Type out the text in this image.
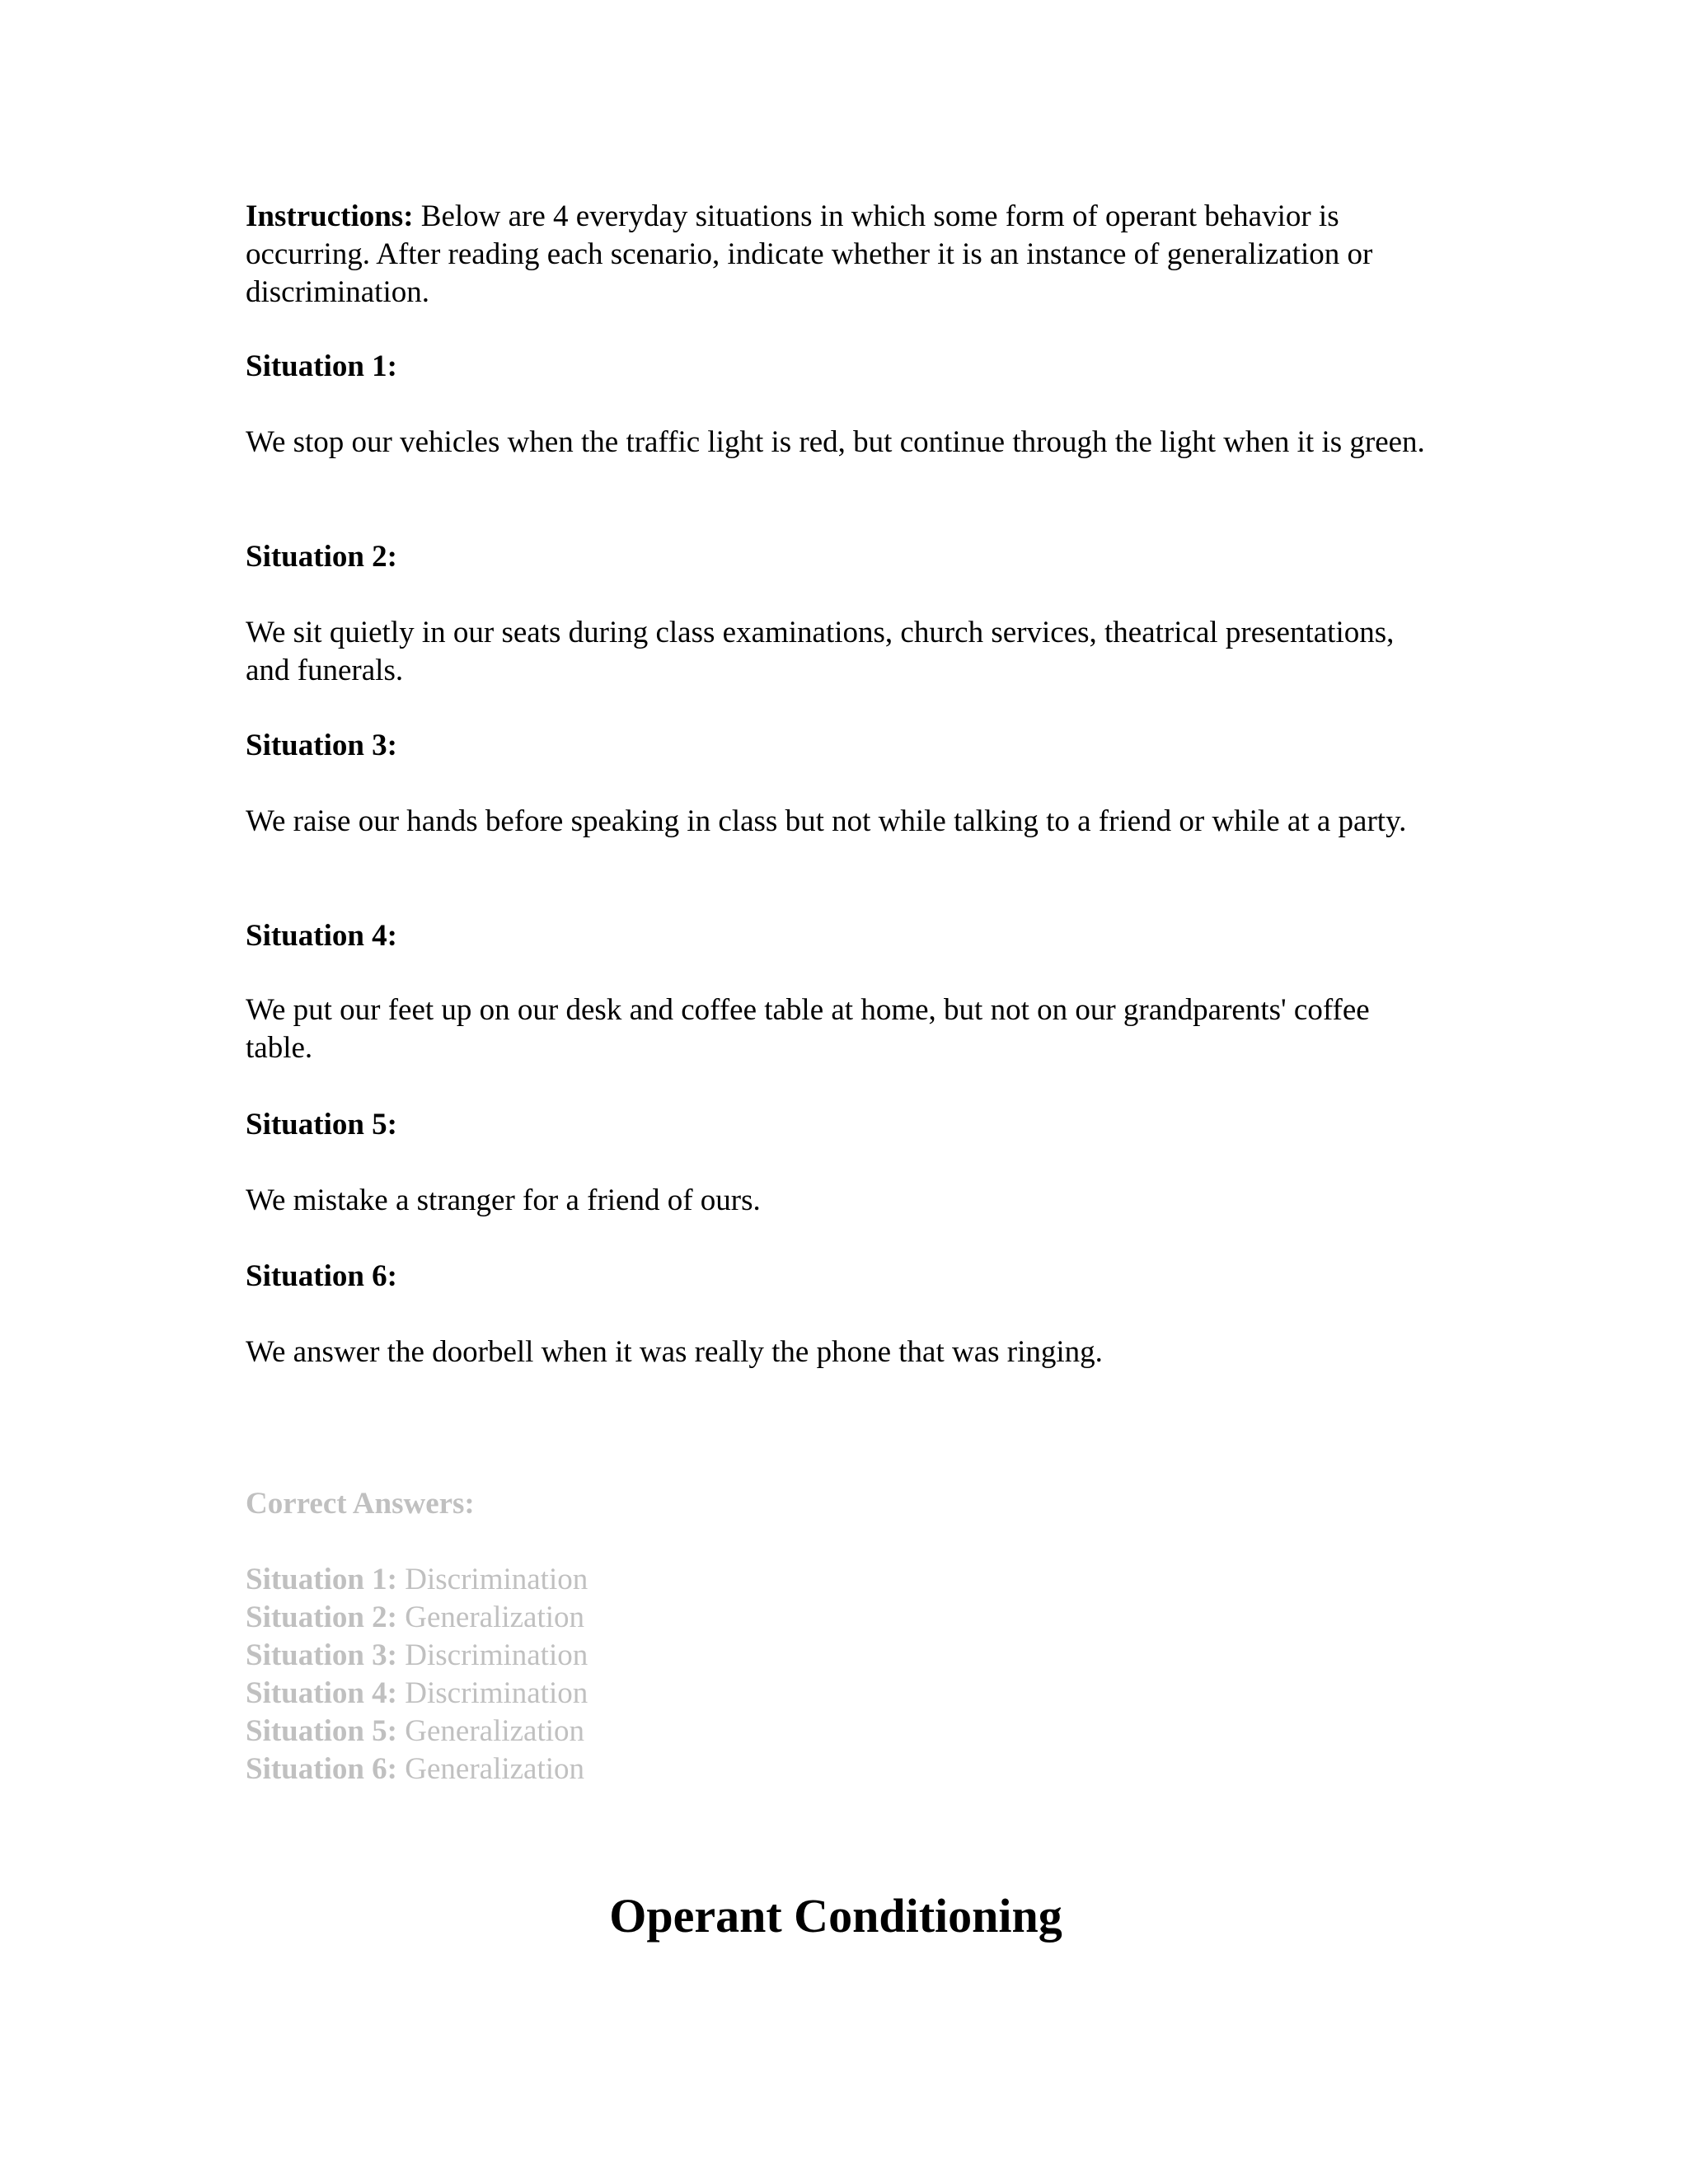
Instructions: Below are 4 everyday situations in which some form of operant behavior is occurring. After reading each scenario, indicate whether it is an instance of generalization or discrimination.
Situation 1:
We stop our vehicles when the traffic light is red, but continue through the light when it is green.
Situation 2:
We sit quietly in our seats during class examinations, church services, theatrical presentations, and funerals.
Situation 3:
We raise our hands before speaking in class but not while talking to a friend or while at a party.
Situation 4:
We put our feet up on our desk and coffee table at home, but not on our grandparents' coffee table.
Situation 5:
We mistake a stranger for a friend of ours.
Situation 6:
We answer the doorbell when it was really the phone that was ringing.
Correct Answers:
Situation 1: Discrimination
Situation 2: Generalization
Situation 3: Discrimination
Situation 4: Discrimination
Situation 5: Generalization
Situation 6: Generalization
Operant Conditioning
